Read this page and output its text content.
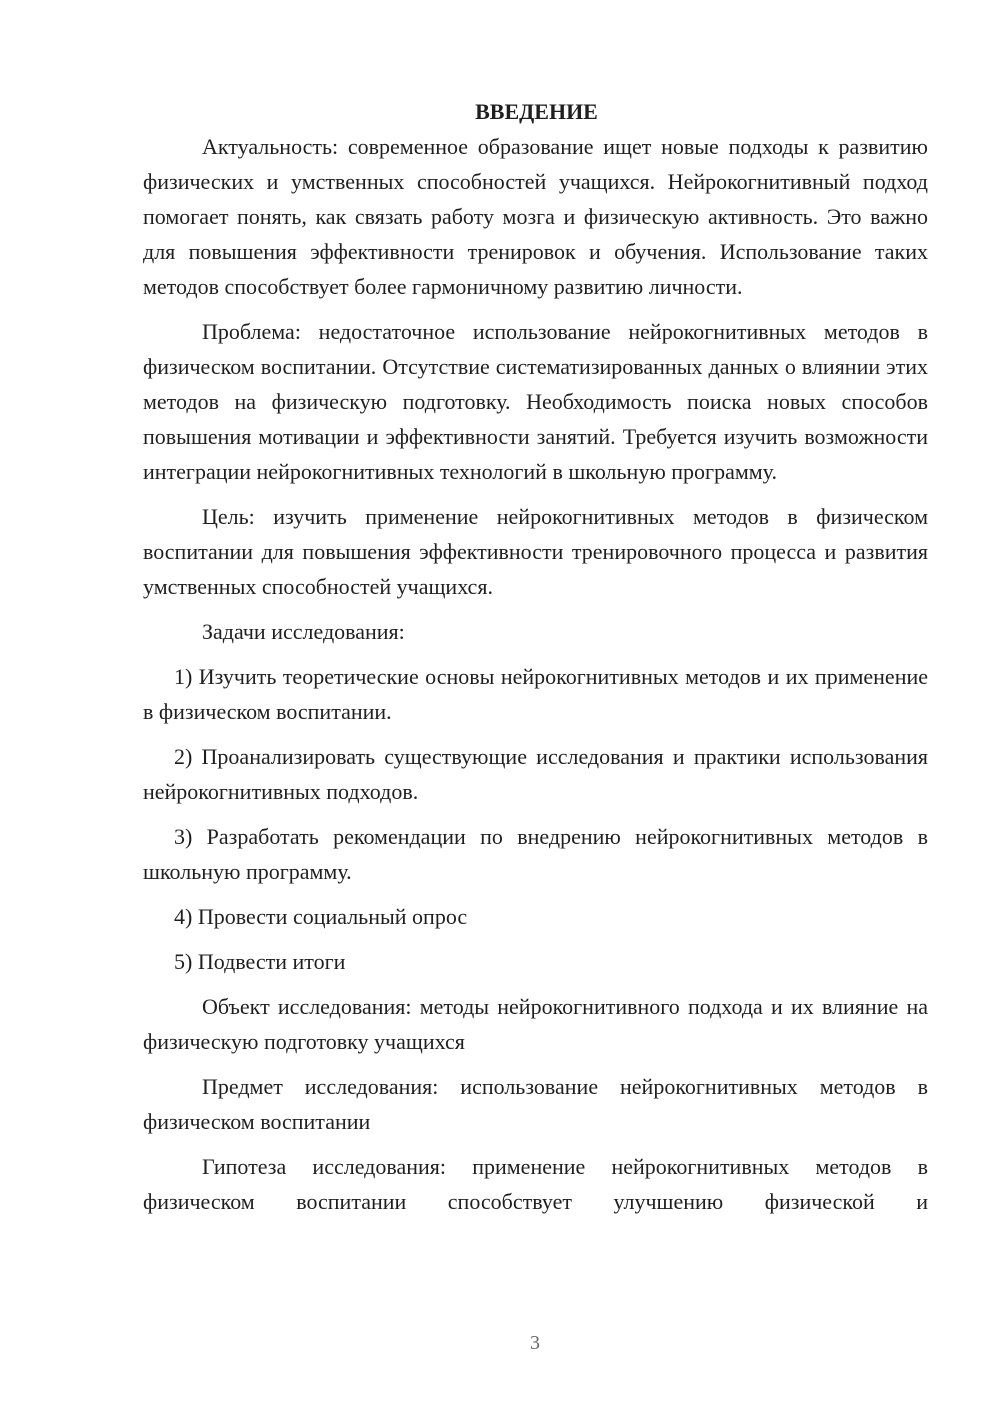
ВВЕДЕНИЕ

Актуальность: современное образование ищет новые подходы к развитию физических и умственных способностей учащихся. Нейрокогнитивный подход помогает понять, как связать работу мозга и физическую активность. Это важно для повышения эффективности тренировок и обучения. Использование таких методов способствует более гармоничному развитию личности.

Проблема: недостаточное использование нейрокогнитивных методов в физическом воспитании. Отсутствие систематизированных данных о влиянии этих методов на физическую подготовку. Необходимость поиска новых способов повышения мотивации и эффективности занятий. Требуется изучить возможности интеграции нейрокогнитивных технологий в школьную программу.

Цель: изучить применение нейрокогнитивных методов в физическом воспитании для повышения эффективности тренировочного процесса и развития умственных способностей учащихся.

Задачи исследования:

1) Изучить теоретические основы нейрокогнитивных методов и их применение в физическом воспитании.

2) Проанализировать существующие исследования и практики использования нейрокогнитивных подходов.

3) Разработать рекомендации по внедрению нейрокогнитивных методов в школьную программу.

4) Провести социальный опрос

5) Подвести итоги

Объект исследования: методы нейрокогнитивного подхода и их влияние на физическую подготовку учащихся

Предмет исследования: использование нейрокогнитивных методов в физическом воспитании

Гипотеза исследования: применение нейрокогнитивных методов в физическом воспитании способствует улучшению физической и

3
